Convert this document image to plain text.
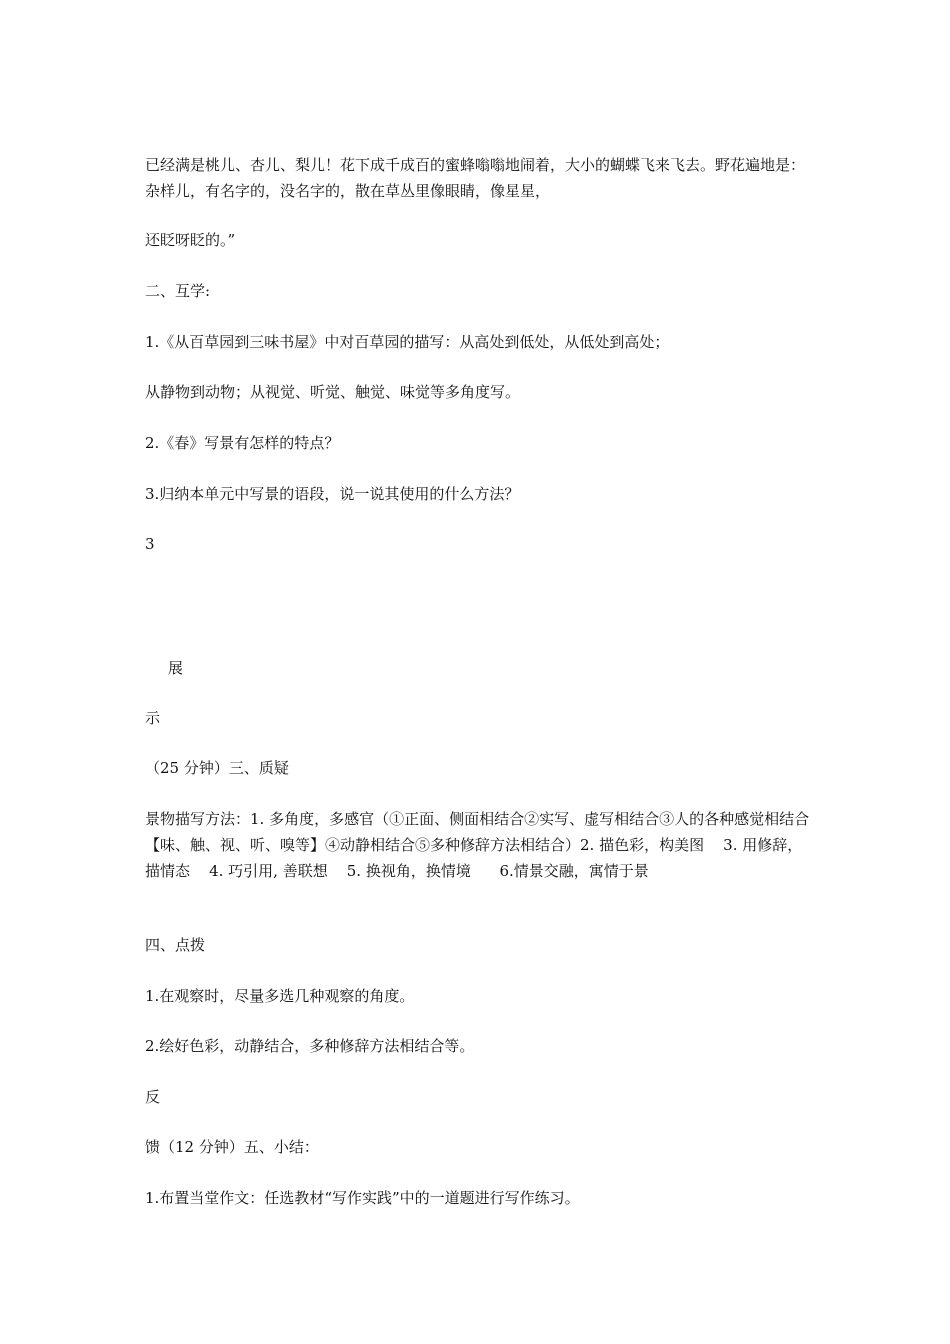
已经满是桃儿、杏儿、梨儿！花下成千成百的蜜蜂嗡嗡地闹着，大小的蝴蝶飞来飞去。野花遍地是：杂样儿，有名字的，没名字的，散在草丛里像眼睛，像星星，

还眨呀眨的。”

二、互学:

1.《从百草园到三味书屋》中对百草园的描写：从高处到低处，从低处到高处；

从静物到动物；从视觉、听觉、触觉、味觉等多角度写。

2.《春》写景有怎样的特点？

3.归纳本单元中写景的语段，说一说其使用的什么方法？

3

展

示

（25 分钟）三、质疑

景物描写方法：1. 多角度，多感官（①正面、侧面相结合②实写、虚写相结合③人的各种感觉相结合【味、触、视、听、嗅等】④动静相结合⑤多种修辞方法相结合）2. 描色彩，构美图    3. 用修辞，描情态    4. 巧引用, 善联想    5. 换视角，换情境      6.情景交融，寓情于景

四、点拨

1.在观察时，尽量多选几种观察的角度。

2.绘好色彩，动静结合，多种修辞方法相结合等。

反

馈（12 分钟）五、小结：

1.布置当堂作文：任选教材“写作实践”中的一道题进行写作练习。
